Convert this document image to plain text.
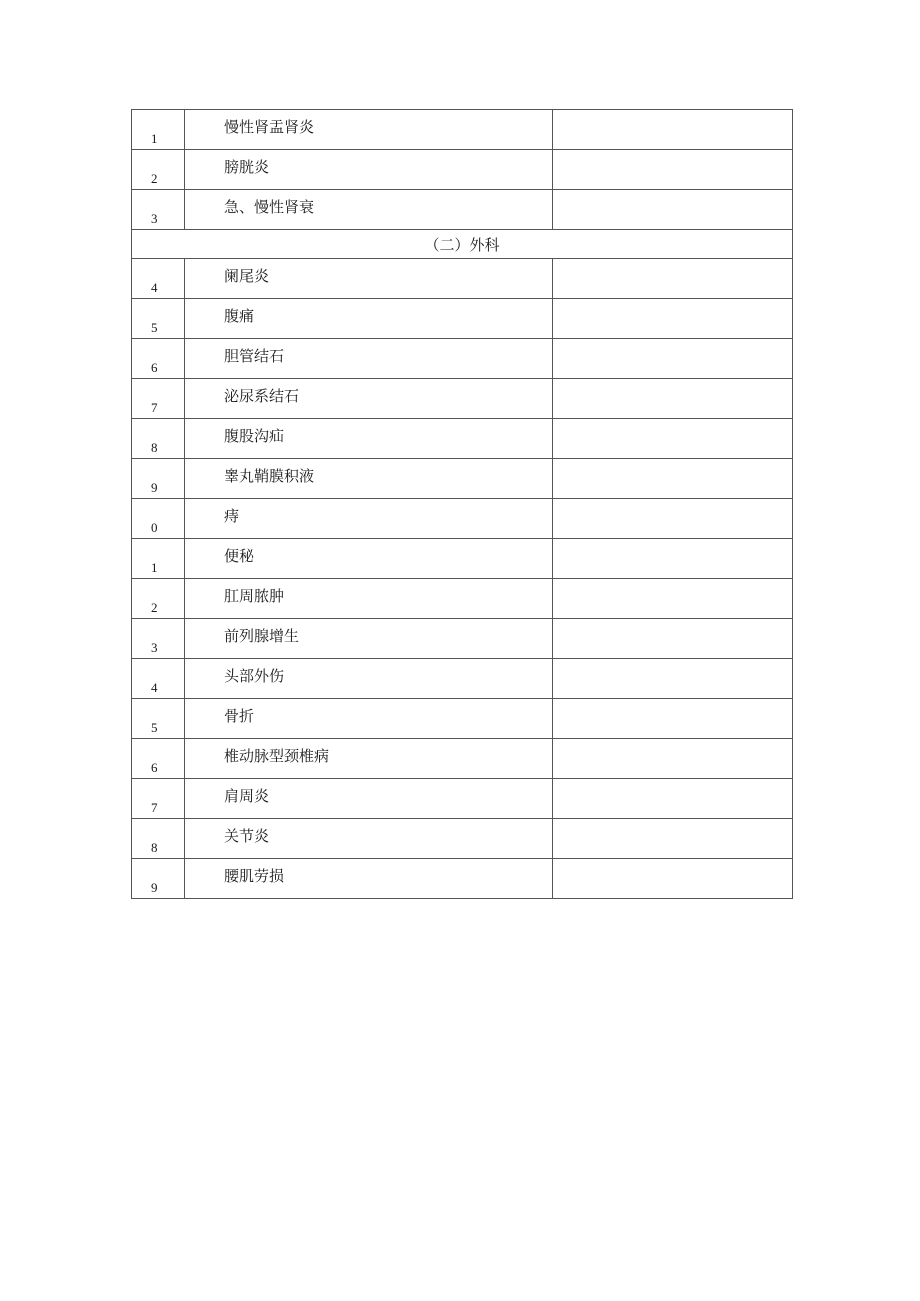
1	慢性肾盂肾炎	

2	膀胱炎	

3	急、慢性肾衰	
（二）外科		

4	阑尾炎	

5	腹痛	

6	胆管结石	

7	泌尿系结石	

8	腹股沟疝	

9	睾丸鞘膜积液	

0	痔	

1	便秘	

2	肛周脓肿	

3	前列腺增生	

4	头部外伤	

5	骨折	

6	椎动脉型颈椎病	

7	肩周炎	

8	关节炎	

9	腰肌劳损	
